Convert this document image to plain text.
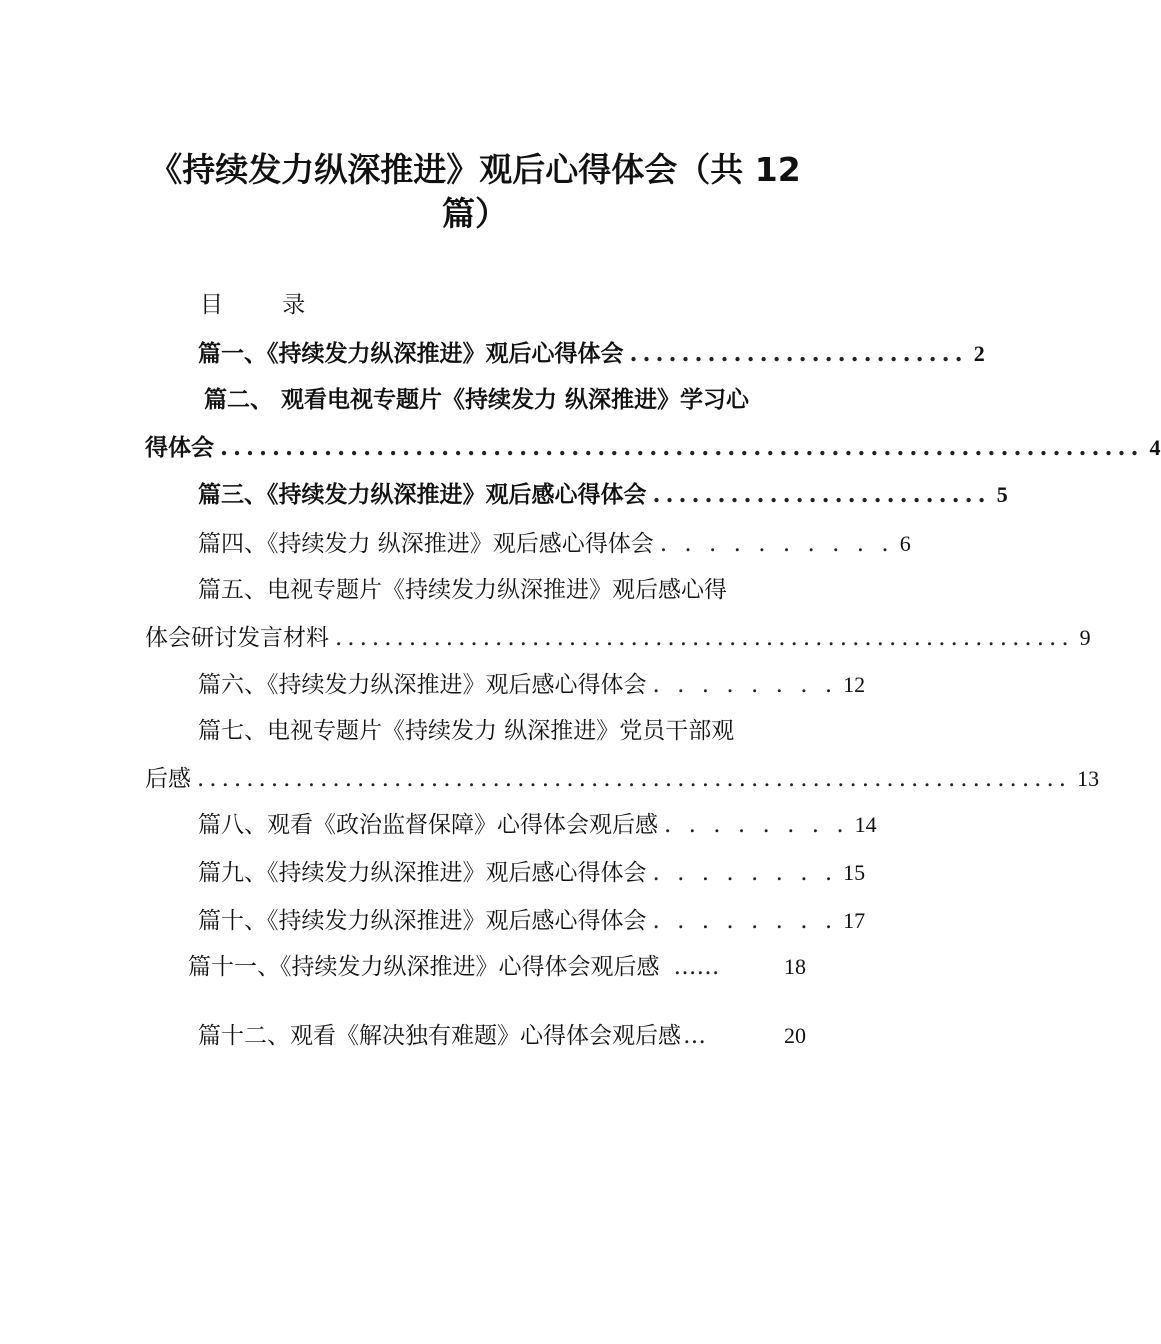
《持续发力纵深推进》观后心得体会（共 12
篇）
目 录
篇一、《持续发力纵深推进》观后心得体会 .......................... 2
篇二、 观看电视专题片《持续发力 纵深推进》学习心
得体会 ....................................................................... 4
篇三、《持续发力纵深推进》观后感心得体会 .......................... 5
篇四、《持续发力 纵深推进》观后感心得体会 . . . . . . . . . . 6
篇五、电视专题片《持续发力纵深推进》观后感心得
体会研讨发言材料 ............................................................ 9
篇六、《持续发力纵深推进》观后感心得体会 . . . . . . . . 12
篇七、电视专题片《持续发力 纵深推进》党员干部观
后感 ....................................................................... 13
篇八、观看《政治监督保障》心得体会观后感 . . . . . . . . 14
篇九、《持续发力纵深推进》观后感心得体会 . . . . . . . . 15
篇十、《持续发力纵深推进》观后感心得体会 . . . . . . . . 17
篇十一、《持续发力纵深推进》心得体会观后感 ……	18
篇十二、观看《解决独有难题》心得体会观后感 …	20
